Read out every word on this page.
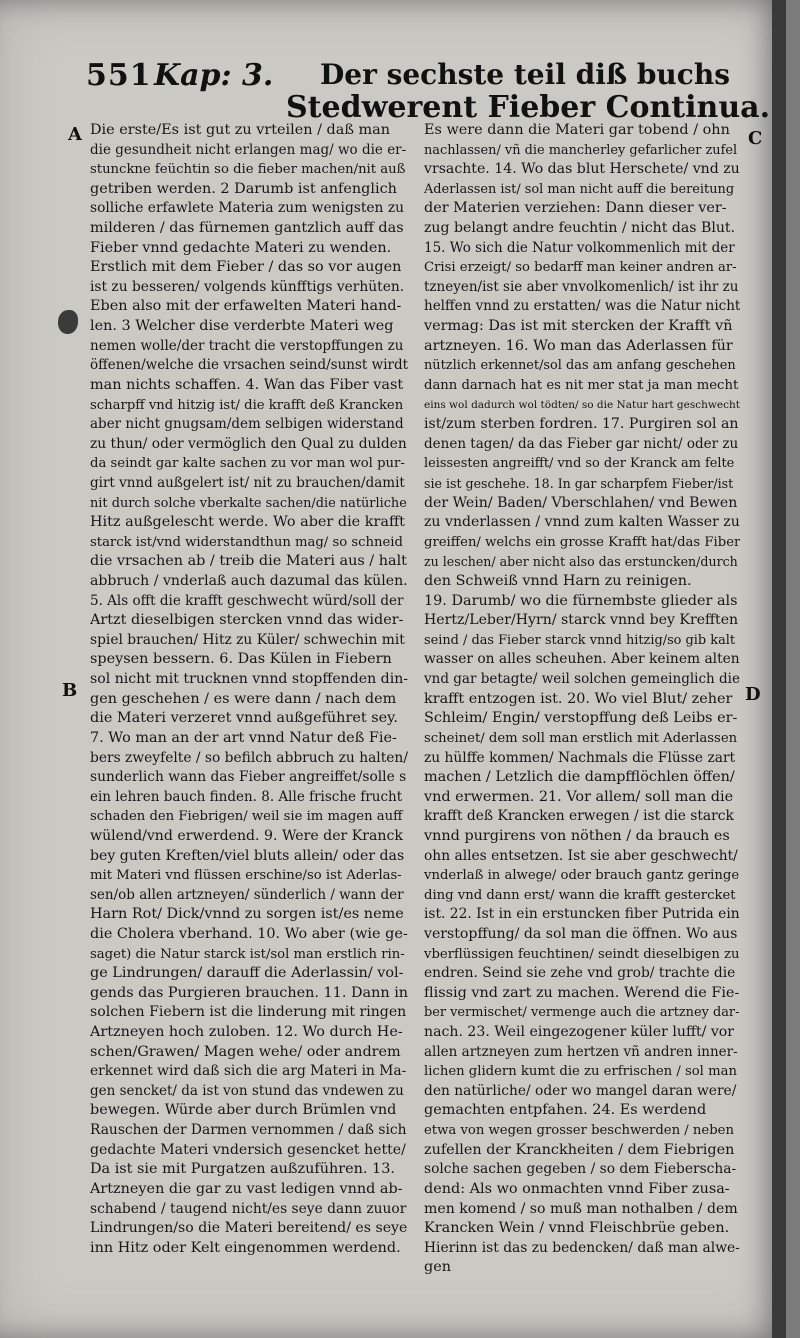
551 Kap: 3. Der sechste teil diß buchs
Stedwerent Fieber Continua.
A
B
C
D
Die erste/Es ist gut zu vrteilen / daß man
die gesundheit nicht erlangen mag/ wo die er-
stunckne feüchtin so die fieber machen/nit auß
getriben werden. 2 Darumb ist anfenglich
solliche erfawlete Materia zum wenigsten zu
milderen / das fürnemen gantzlich auff das
Fieber vnnd gedachte Materi zu wenden.
Erstlich mit dem Fieber / das so vor augen
ist zu besseren/ volgends künfftigs verhüten.
Eben also mit der erfawelten Materi hand-
len. 3 Welcher dise verderbte Materi weg
nemen wolle/der tracht die verstopffungen zu
öffenen/welche die vrsachen seind/sunst wirdt
man nichts schaffen. 4. Wan das Fiber vast
scharpff vnd hitzig ist/ die krafft deß Krancken
aber nicht gnugsam/dem selbigen widerstand
zu thun/ oder vermöglich den Qual zu dulden
da seindt gar kalte sachen zu vor man wol pur-
girt vnnd außgelert ist/ nit zu brauchen/damit
nit durch solche vberkalte sachen/die natürliche
Hitz außgelescht werde. Wo aber die krafft
starck ist/vnd widerstandthun mag/ so schneid
die vrsachen ab / treib die Materi aus / halt
abbruch / vnderlaß auch dazumal das külen.
5. Als offt die krafft geschwecht würd/soll der
Artzt dieselbigen stercken vnnd das wider-
spiel brauchen/ Hitz zu Küler/ schwechin mit
speysen bessern. 6. Das Külen in Fiebern
sol nicht mit trucknen vnnd stopffenden din-
gen geschehen / es were dann / nach dem
die Materi verzeret vnnd außgeführet sey.
7. Wo man an der art vnnd Natur deß Fie-
bers zweyfelte / so befilch abbruch zu halten/
sunderlich wann das Fieber angreiffet/solle s
ein lehren bauch finden. 8. Alle frische frucht
schaden den Fiebrigen/ weil sie im magen auff
wülend/vnd erwerdend. 9. Were der Kranck
bey guten Kreften/viel bluts allein/ oder das
mit Materi vnd flüssen erschine/so ist Aderlas-
sen/ob allen artzneyen/ sünderlich / wann der
Harn Rot/ Dick/vnnd zu sorgen ist/es neme
die Cholera vberhand. 10. Wo aber (wie ge-
saget) die Natur starck ist/sol man erstlich rin-
ge Lindrungen/ darauff die Aderlassin/ vol-
gends das Purgieren brauchen. 11. Dann in
solchen Fiebern ist die linderung mit ringen
Artzneyen hoch zuloben. 12. Wo durch He-
schen/Grawen/ Magen wehe/ oder andrem
erkennet wird daß sich die arg Materi in Ma-
gen sencket/ da ist von stund das vndewen zu
bewegen. Würde aber durch Brümlen vnd
Rauschen der Darmen vernommen / daß sich
gedachte Materi vndersich gesencket hette/
Da ist sie mit Purgatzen außzuführen. 13.
Artzneyen die gar zu vast ledigen vnnd ab-
schabend / taugend nicht/es seye dann zuuor
Lindrungen/so die Materi bereitend/ es seye
inn Hitz oder Kelt eingenommen werdend.
Es were dann die Materi gar tobend / ohn
nachlassen/ vñ die mancherley gefarlicher zufel
vrsachte. 14. Wo das blut Herschete/ vnd zu
Aderlassen ist/ sol man nicht auff die bereitung
der Materien verziehen: Dann dieser ver-
zug belangt andre feuchtin / nicht das Blut.
15. Wo sich die Natur volkommenlich mit der
Crisi erzeigt/ so bedarff man keiner andren ar-
tzneyen/ist sie aber vnvolkomenlich/ ist ihr zu
helffen vnnd zu erstatten/ was die Natur nicht
vermag: Das ist mit stercken der Krafft vñ
artzneyen. 16. Wo man das Aderlassen für
nützlich erkennet/sol das am anfang geschehen
dann darnach hat es nit mer stat ja man mecht
eins wol dadurch wol tödten/ so die Natur hart geschwecht
ist/zum sterben fordren. 17. Purgiren sol an
denen tagen/ da das Fieber gar nicht/ oder zu
leissesten angreifft/ vnd so der Kranck am felte
sie ist geschehe. 18. In gar scharpfem Fieber/ist
der Wein/ Baden/ Vberschlahen/ vnd Bewen
zu vnderlassen / vnnd zum kalten Wasser zu
greiffen/ welchs ein grosse Krafft hat/das Fiber
zu leschen/ aber nicht also das erstuncken/durch
den Schweiß vnnd Harn zu reinigen.
19. Darumb/ wo die fürnembste glieder als
Hertz/Leber/Hyrn/ starck vnnd bey Krefften
seind / das Fieber starck vnnd hitzig/so gib kalt
wasser on alles scheuhen. Aber keinem alten
vnd gar betagte/ weil solchen gemeinglich die
krafft entzogen ist. 20. Wo viel Blut/ zeher
Schleim/ Engin/ verstopffung deß Leibs er-
scheinet/ dem soll man erstlich mit Aderlassen
zu hülffe kommen/ Nachmals die Flüsse zart
machen / Letzlich die dampfflöchlen öffen/
vnd erwermen. 21. Vor allem/ soll man die
krafft deß Krancken erwegen / ist die starck
vnnd purgirens von nöthen / da brauch es
ohn alles entsetzen. Ist sie aber geschwecht/
vnderlaß in alwege/ oder brauch gantz geringe
ding vnd dann erst/ wann die krafft gestercket
ist. 22. Ist in ein erstuncken fiber Putrida ein
verstopffung/ da sol man die öffnen. Wo aus
vberflüssigen feuchtinen/ seindt dieselbigen zu
endren. Seind sie zehe vnd grob/ trachte die
flissig vnd zart zu machen. Werend die Fie-
ber vermischet/ vermenge auch die artzney dar-
nach. 23. Weil eingezogener küler lufft/ vor
allen artzneyen zum hertzen vñ andren inner-
lichen glidern kumt die zu erfrischen / sol man
den natürliche/ oder wo mangel daran were/
gemachten entpfahen. 24. Es werdend
etwa von wegen grosser beschwerden / neben
zufellen der Kranckheiten / dem Fiebrigen
solche sachen gegeben / so dem Fieberscha-
dend: Als wo onmachten vnnd Fiber zusa-
men komend / so muß man nothalben / dem
Krancken Wein / vnnd Fleischbrüe geben.
Hierinn ist das zu bedencken/ daß man alwe-
gen
